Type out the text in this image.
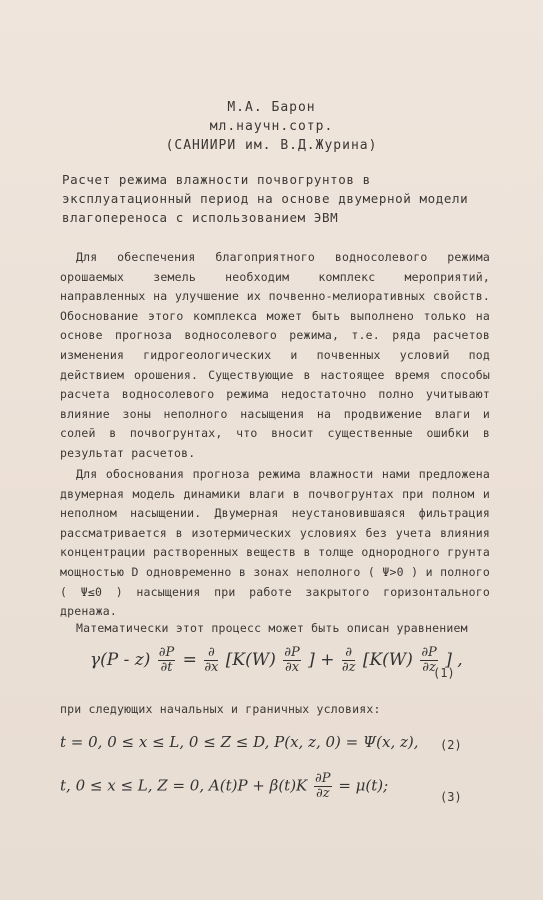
М.А. Бaрон
мл.научн.сотр.
(САНИИРИ им. В.Д.Журина)

Расчет режима влажности почвогрунтов в эксплуатационный период на основе двумерной модели влагопереноса с использованием ЭВМ

Для обеспечения благоприятного водносолевого режима орошаемых земель необходим комплекс мероприятий, направленных на улучшение их почвенно-мелиоративных свойств. Обоснование этого комплекса может быть выполнено только на основе прогноза водносолевого режима, т.е. ряда расчетов изменения гидрогеологических и почвенных условий под действием орошения. Существующие в настоящее время способы расчета водносолевого режима недостаточно полно учитывают влияние зоны неполного насыщения на продвижение влаги и солей в почвогрунтах, что вносит существенные ошибки в результат расчетов.

Для обоснования прогноза режима влажности нами предложена двумерная модель динамики влаги в почвогрунтах при полном и неполном насыщении. Двумерная неустановившаяся фильтрация рассматривается в изотермических условиях без учета влияния концентрации растворенных веществ в толще однородного грунта мощностью D одновременно в зонах неполного ( Ψ>0 ) и полного ( Ψ≤0 ) насыщения при работе закрытого горизонтального дренажа.

Математически этот процесс может быть описан уравнением

$\gamma(P - z) \frac{\partial P}{\partial t} = \frac{\partial}{\partial x} [K(W) \frac{\partial P}{\partial x}$ ] + $\frac{\partial}{\partial z} [K(W) \frac{\partial P}{\partial z}$ ] ,
(1)

при следующих начальных и граничных условиях:

t = 0, 0 ≤ x ≤ L, 0 ≤ Z ≤ D, P(x, z, 0) = Ψ(x, z), (2)
t, 0 ≤ x ≤ L, Z = 0, $A(t)P + \beta(t)K \frac{\partial P}{\partial z} = \mu(t)$;
(3)
